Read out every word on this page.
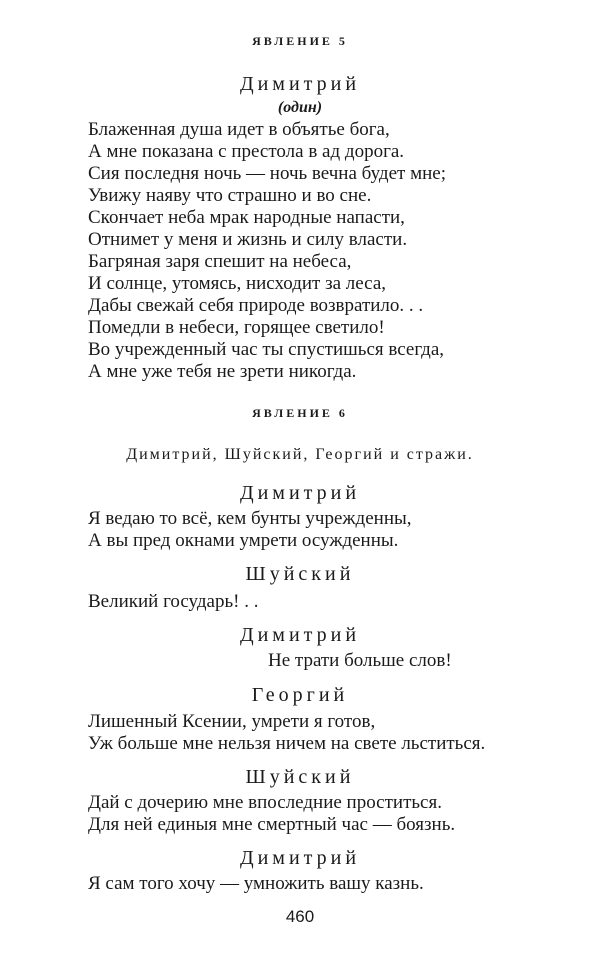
ЯВЛЕНИЕ 5
Димитрий
(один)
Блаженная душа идет в объятье бога,
А мне показана с престола в ад дорога.
Сия последня ночь — ночь вечна будет мне;
Увижу наяву что страшно и во сне.
Скончает неба мрак народные напасти,
Отнимет у меня и жизнь и силу власти.
Багряная заря спешит на небеса,
И солнце, утомясь, нисходит за леса,
Дабы свежай себя природе возвратило. . .
Помедли в небеси, горящее светило!
Во учрежденный час ты спустишься всегда,
А мне уже тебя не зрети никогда.
ЯВЛЕНИЕ 6
Димитрий, Шуйский, Георгий и стражи.
Димитрий
Я ведаю то всё, кем бунты учрежденны,
А вы пред окнами умрети осужденны.
Шуйский
Великий государь! . .
Димитрий
Не трати больше слов!
Георгий
Лишенный Ксении, умрети я готов,
Уж больше мне нельзя ничем на свете льститься.
Шуйский
Дай с дочерию мне впоследние проститься.
Для ней единыя мне смертный час — боязнь.
Димитрий
Я сам того хочу — умножить вашу казнь.
460
